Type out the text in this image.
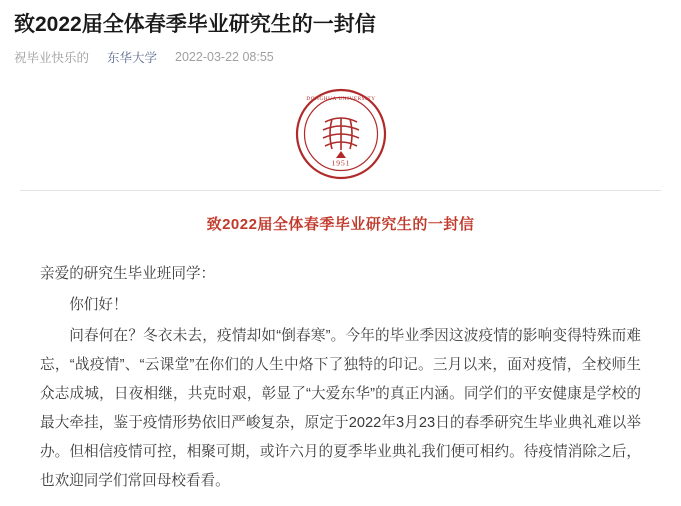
致2022届全体春季毕业研究生的一封信
祝毕业快乐的 东华大学 2022-03-22 08:55
1951
DONGHUA UNIVERSITY
致2022届全体春季毕业研究生的一封信

亲爱的研究生毕业班同学：

你们好！

问春何在？冬衣未去，疫情却如“倒春寒”。今年的毕业季因这波疫情的影响变得特殊而难忘，“战疫情”、“云课堂”在你们的人生中烙下了独特的印记。三月以来，面对疫情，全校师生众志成城，日夜相继，共克时艰，彰显了“大爱东华”的真正内涵。同学们的平安健康是学校的最大牵挂，鉴于疫情形势依旧严峻复杂，原定于2022年3月23日的春季研究生毕业典礼难以举办。但相信疫情可控，相聚可期，或许六月的夏季毕业典礼我们便可相约。待疫情消除之后，也欢迎同学们常回母校看看。
